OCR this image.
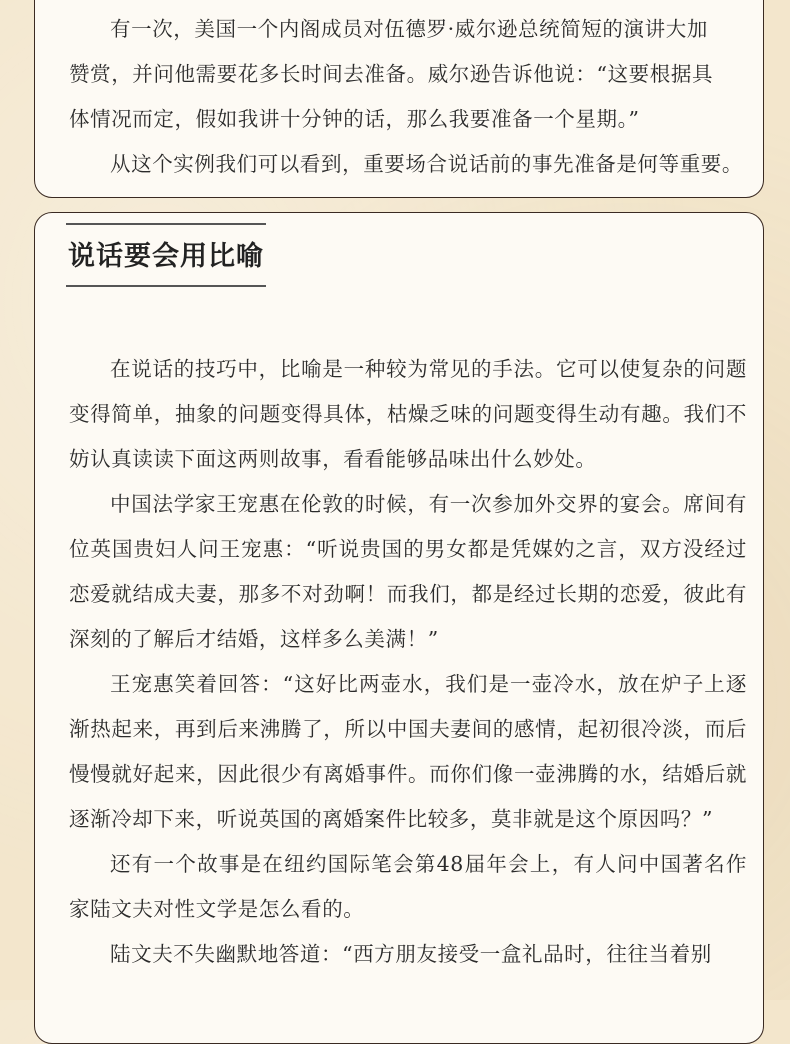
有一次，美国一个内阁成员对伍德罗·威尔逊总统简短的演讲大加

赞赏，并问他需要花多长时间去准备。威尔逊告诉他说：“这要根据具

体情况而定，假如我讲十分钟的话，那么我要准备一个星期。”

从这个实例我们可以看到，重要场合说话前的事先准备是何等重要。

说话要会用比喻

在说话的技巧中，比喻是一种较为常见的手法。它可以使复杂的问题变得简单，抽象的问题变得具体，枯燥乏味的问题变得生动有趣。我们不妨认真读读下面这两则故事，看看能够品味出什么妙处。

中国法学家王宠惠在伦敦的时候，有一次参加外交界的宴会。席间有位英国贵妇人问王宠惠：“听说贵国的男女都是凭媒妁之言，双方没经过恋爱就结成夫妻，那多不对劲啊！而我们，都是经过长期的恋爱，彼此有深刻的了解后才结婚，这样多么美满！”

王宠惠笑着回答：“这好比两壶水，我们是一壶冷水，放在炉子上逐渐热起来，再到后来沸腾了，所以中国夫妻间的感情，起初很冷淡，而后慢慢就好起来，因此很少有离婚事件。而你们像一壶沸腾的水，结婚后就逐渐冷却下来，听说英国的离婚案件比较多，莫非就是这个原因吗？”

还有一个故事是在纽约国际笔会第48届年会上，有人问中国著名作家陆文夫对性文学是怎么看的。

陆文夫不失幽默地答道：“西方朋友接受一盒礼品时，往往当着别
